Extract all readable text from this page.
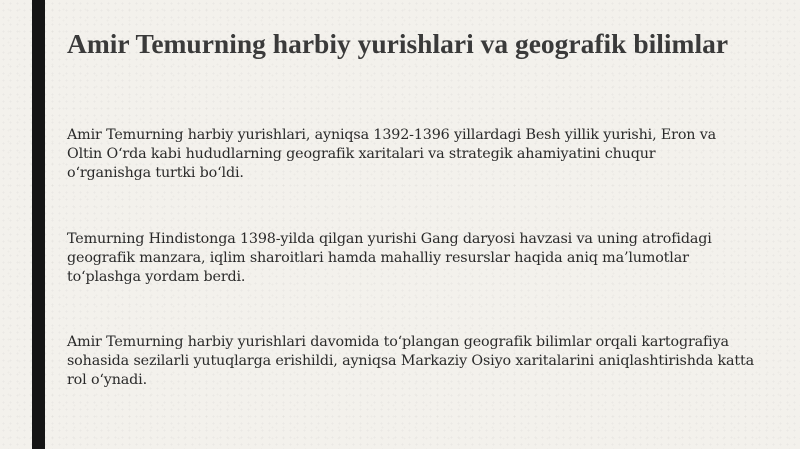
Amir Temurning harbiy yurishlari va geografik bilimlar

Amir Temurning harbiy yurishlari, ayniqsa 1392-1396 yillardagi Besh yillik yurishi, Eron va
Oltin O‘rda kabi hududlarning geografik xaritalari va strategik ahamiyatini chuqur
o‘rganishga turtki bo‘ldi.

Temurning Hindistonga 1398-yilda qilgan yurishi Gang daryosi havzasi va uning atrofidagi
geografik manzara, iqlim sharoitlari hamda mahalliy resurslar haqida aniq ma’lumotlar
to‘plashga yordam berdi.

Amir Temurning harbiy yurishlari davomida to‘plangan geografik bilimlar orqali kartografiya
sohasida sezilarli yutuqlarga erishildi, ayniqsa Markaziy Osiyo xaritalarini aniqlashtirishda katta
rol o‘ynadi.
